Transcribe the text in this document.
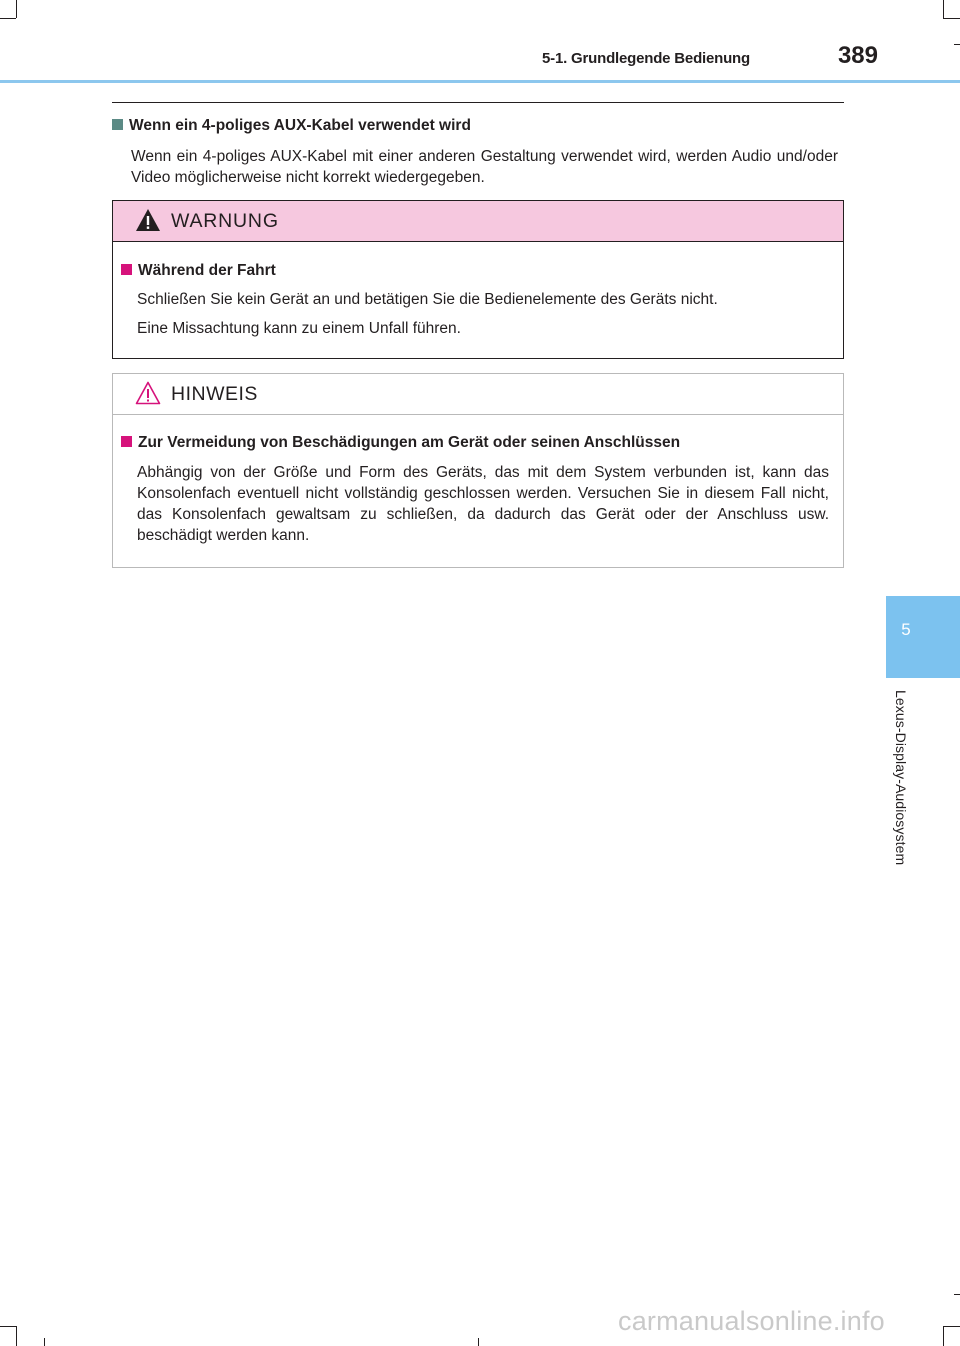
5-1. Grundlegende Bedienung	389
5
Lexus-Display-Audiosystem
Wenn ein 4-poliges AUX-Kabel verwendet wird
Wenn ein 4-poliges AUX-Kabel mit einer anderen Gestaltung verwendet wird, werden Audio und/oder Video möglicherweise nicht korrekt wiedergegeben.
WARNUNG
Während der Fahrt
Schließen Sie kein Gerät an und betätigen Sie die Bedienelemente des Geräts nicht.
Eine Missachtung kann zu einem Unfall führen.
HINWEIS
Zur Vermeidung von Beschädigungen am Gerät oder seinen Anschlüssen
Abhängig von der Größe und Form des Geräts, das mit dem System verbunden ist, kann das Konsolenfach eventuell nicht vollständig geschlossen werden. Versuchen Sie in diesem Fall nicht, das Konsolenfach gewaltsam zu schließen, da dadurch das Gerät oder der Anschluss usw. beschädigt werden kann.
carmanualsonline.info
